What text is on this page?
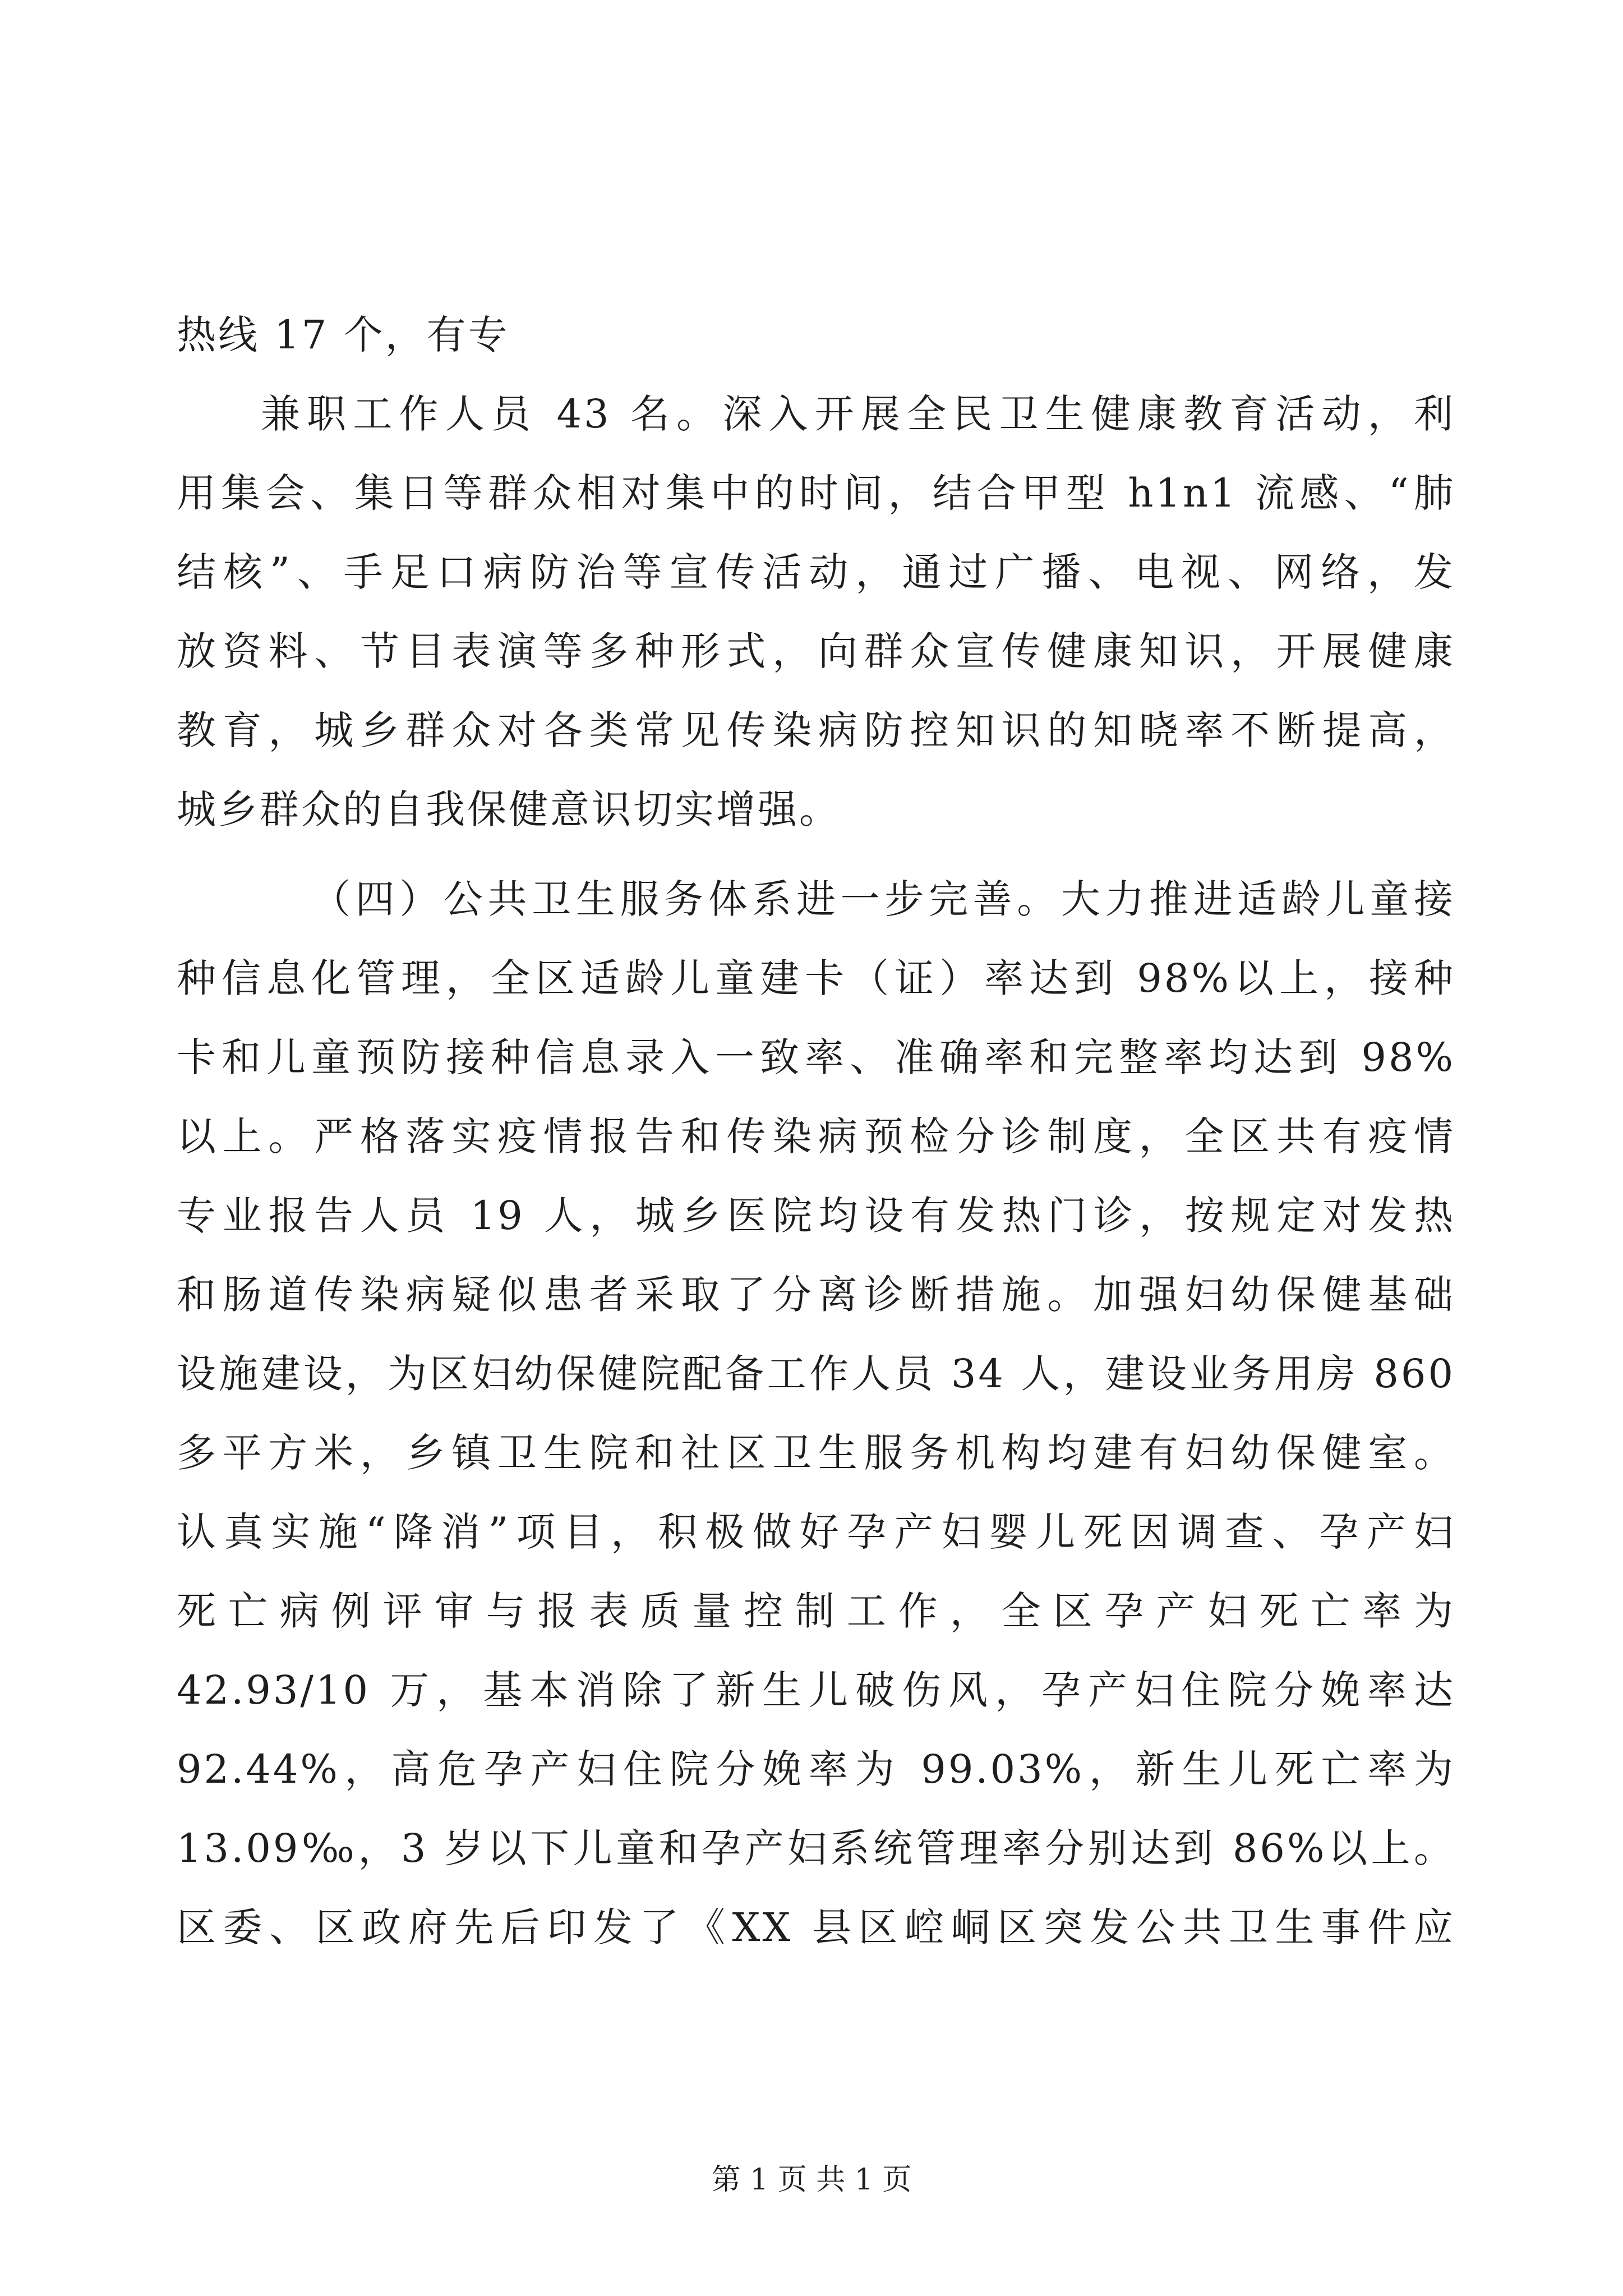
热线 17 个，有专
兼职工作人员 43 名。深入开展全民卫生健康教育活动，利
用集会、集日等群众相对集中的时间，结合甲型 h1n1 流感、“肺
结核”、手足口病防治等宣传活动，通过广播、电视、网络，发
放资料、节目表演等多种形式，向群众宣传健康知识，开展健康
教育，城乡群众对各类常见传染病防控知识的知晓率不断提高，
城乡群众的自我保健意识切实增强。
（四）公共卫生服务体系进一步完善。大力推进适龄儿童接
种信息化管理，全区适龄儿童建卡（证）率达到 98%以上，接种
卡和儿童预防接种信息录入一致率、准确率和完整率均达到 98%
以上。严格落实疫情报告和传染病预检分诊制度，全区共有疫情
专业报告人员 19 人，城乡医院均设有发热门诊，按规定对发热
和肠道传染病疑似患者采取了分离诊断措施。加强妇幼保健基础
设施建设，为区妇幼保健院配备工作人员 34 人，建设业务用房 860
多平方米，乡镇卫生院和社区卫生服务机构均建有妇幼保健室。
认真实施“降消”项目，积极做好孕产妇婴儿死因调查、孕产妇
死亡病例评审与报表质量控制工作，全区孕产妇死亡率为
42.93/10 万，基本消除了新生儿破伤风，孕产妇住院分娩率达
92.44%，高危孕产妇住院分娩率为 99.03%，新生儿死亡率为
13.09‰，3 岁以下儿童和孕产妇系统管理率分别达到 86%以上。
区委、区政府先后印发了《XX 县区崆峒区突发公共卫生事件应
第 1 页 共 1 页
